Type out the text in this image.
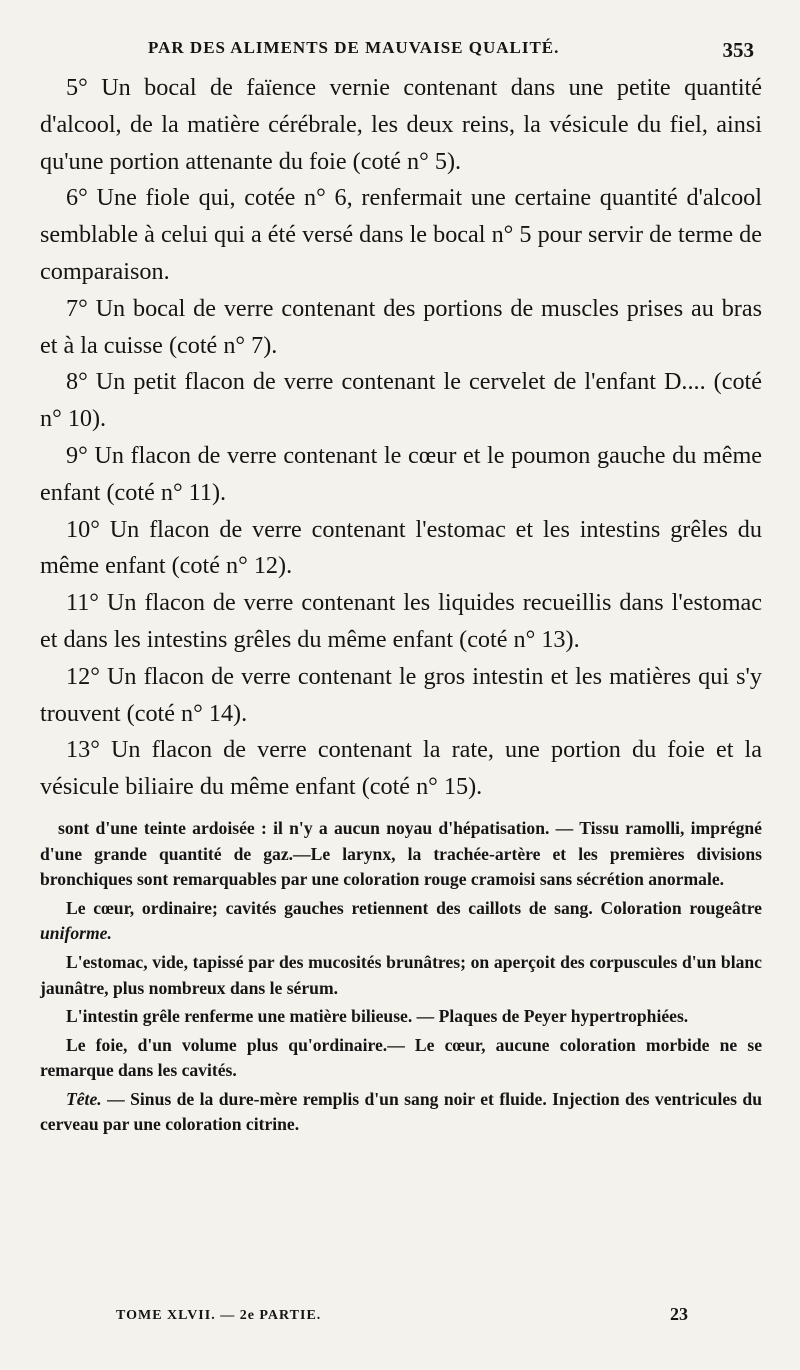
PAR DES ALIMENTS DE MAUVAISE QUALITÉ.	353

5° Un bocal de faïence vernie contenant dans une petite quantité d'alcool, de la matière cérébrale, les deux reins, la vésicule du fiel, ainsi qu'une portion attenante du foie (coté n° 5).

6° Une fiole qui, cotée n° 6, renfermait une certaine quantité d'alcool semblable à celui qui a été versé dans le bocal n° 5 pour servir de terme de comparaison.

7° Un bocal de verre contenant des portions de muscles prises au bras et à la cuisse (coté n° 7).

8° Un petit flacon de verre contenant le cervelet de l'enfant D.... (coté n° 10).

9° Un flacon de verre contenant le cœur et le poumon gauche du même enfant (coté n° 11).

10° Un flacon de verre contenant l'estomac et les intestins grêles du même enfant (coté n° 12).

11° Un flacon de verre contenant les liquides recueillis dans l'estomac et dans les intestins grêles du même enfant (coté n° 13).

12° Un flacon de verre contenant le gros intestin et les matières qui s'y trouvent (coté n° 14).

13° Un flacon de verre contenant la rate, une portion du foie et la vésicule biliaire du même enfant (coté n° 15).

sont d'une teinte ardoisée : il n'y a aucun noyau d'hépatisation. — Tissu ramolli, imprégné d'une grande quantité de gaz.—Le larynx, la trachée-artère et les premières divisions bronchiques sont remarquables par une coloration rouge cramoisi sans sécrétion anormale.

Le cœur, ordinaire; cavités gauches retiennent des caillots de sang. Coloration rougeâtre uniforme.

L'estomac, vide, tapissé par des mucosités brunâtres; on aperçoit des corpuscules d'un blanc jaunâtre, plus nombreux dans le sérum.

L'intestin grêle renferme une matière bilieuse. — Plaques de Peyer hypertrophiées.

Le foie, d'un volume plus qu'ordinaire.— Le cœur, aucune coloration morbide ne se remarque dans les cavités.

Tête. — Sinus de la dure-mère remplis d'un sang noir et fluide. Injection des ventricules du cerveau par une coloration citrine.

TOME XLVII. — 2e PARTIE.	23
